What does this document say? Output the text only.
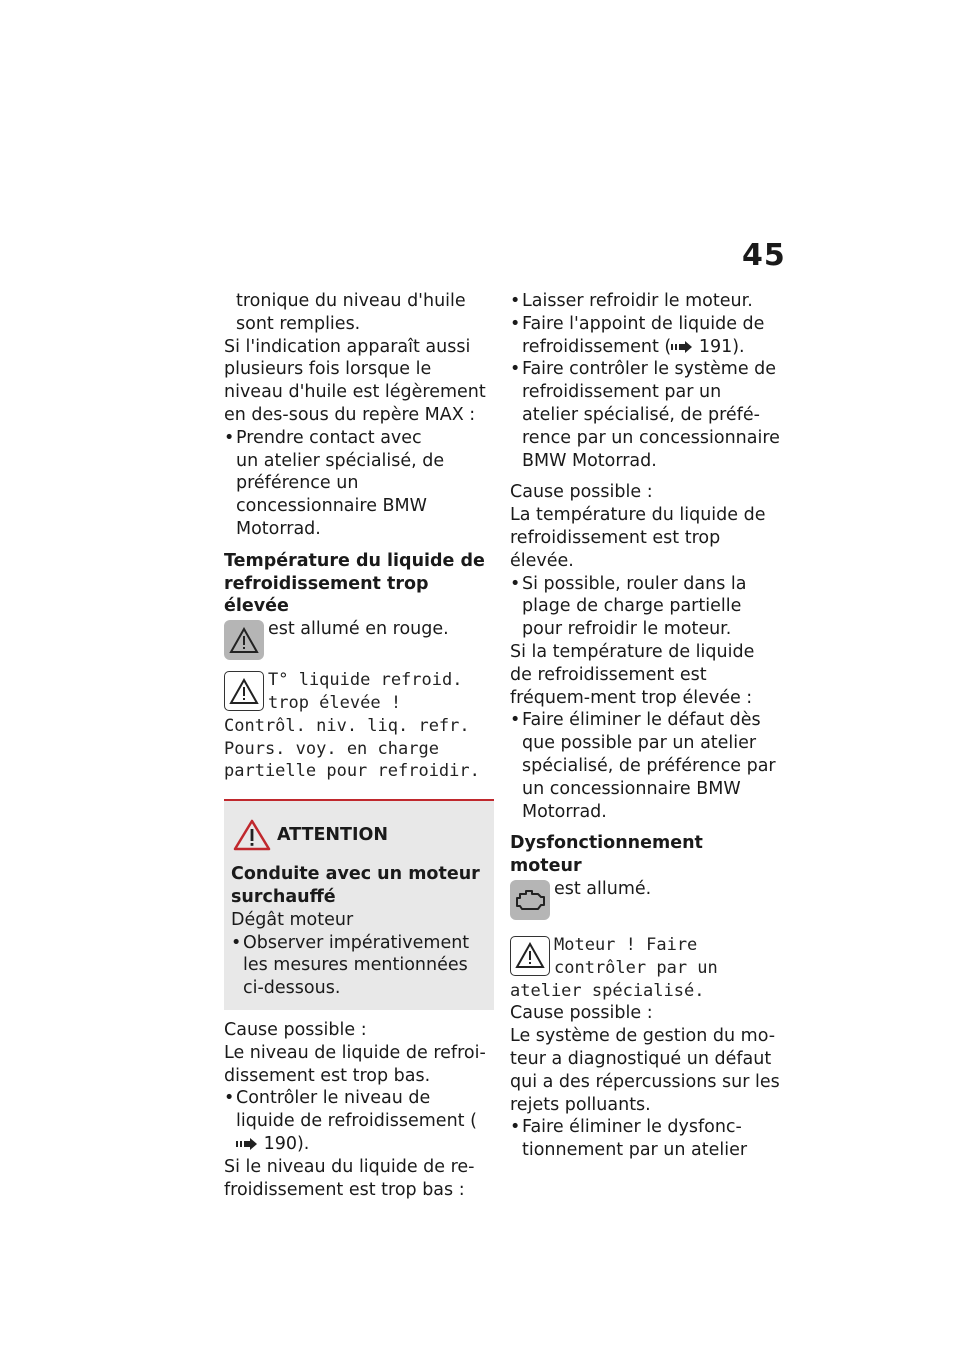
45

tronique du niveau d'huile

sont remplies.

Si l'indication apparaît aussi plusieurs fois lorsque le niveau d'huile est légèrement en des-sous du repère MAX :

• Prendre contact avec
un atelier spécialisé, de préférence un concessionnaire BMW Motorrad.

Température du liquide de refroidissement trop élevée

est allumé en rouge.
T° liquide refroid. trop élevée !

Contrôl. niv. liq. refr. Pours. voy. en charge partielle pour refroidir.

ATTENTION

Conduite avec un moteur surchauffé

Dégât moteur

• Observer impérativement les mesures mentionnées ci-dessous.

Cause possible :

Le niveau de liquide de refroi-dissement est trop bas.

• Contrôler le niveau de liquide de refroidissement ( 190).

Si le niveau du liquide de re-froidissement est trop bas :

• Laisser refroidir le moteur.
• Faire l'appoint de liquide de refroidissement ( 191).
• Faire contrôler le système de refroidissement par un atelier spécialisé, de préfé-rence par un concessionnaire BMW Motorrad.

Cause possible :

La température du liquide de refroidissement est trop élevée.

• Si possible, rouler dans la plage de charge partielle pour refroidir le moteur.

Si la température de liquide de refroidissement est fréquem-ment trop élevée :

• Faire éliminer le défaut dès que possible par un atelier spécialisé, de préférence par un concessionnaire BMW Motorrad.

Dysfonctionnement moteur

est allumé.
Moteur ! Faire contrôler par un

atelier spécialisé.

Cause possible :

Le système de gestion du mo-teur a diagnostiqué un défaut qui a des répercussions sur les rejets polluants.

• Faire éliminer le dysfonc-tionnement par un atelier
